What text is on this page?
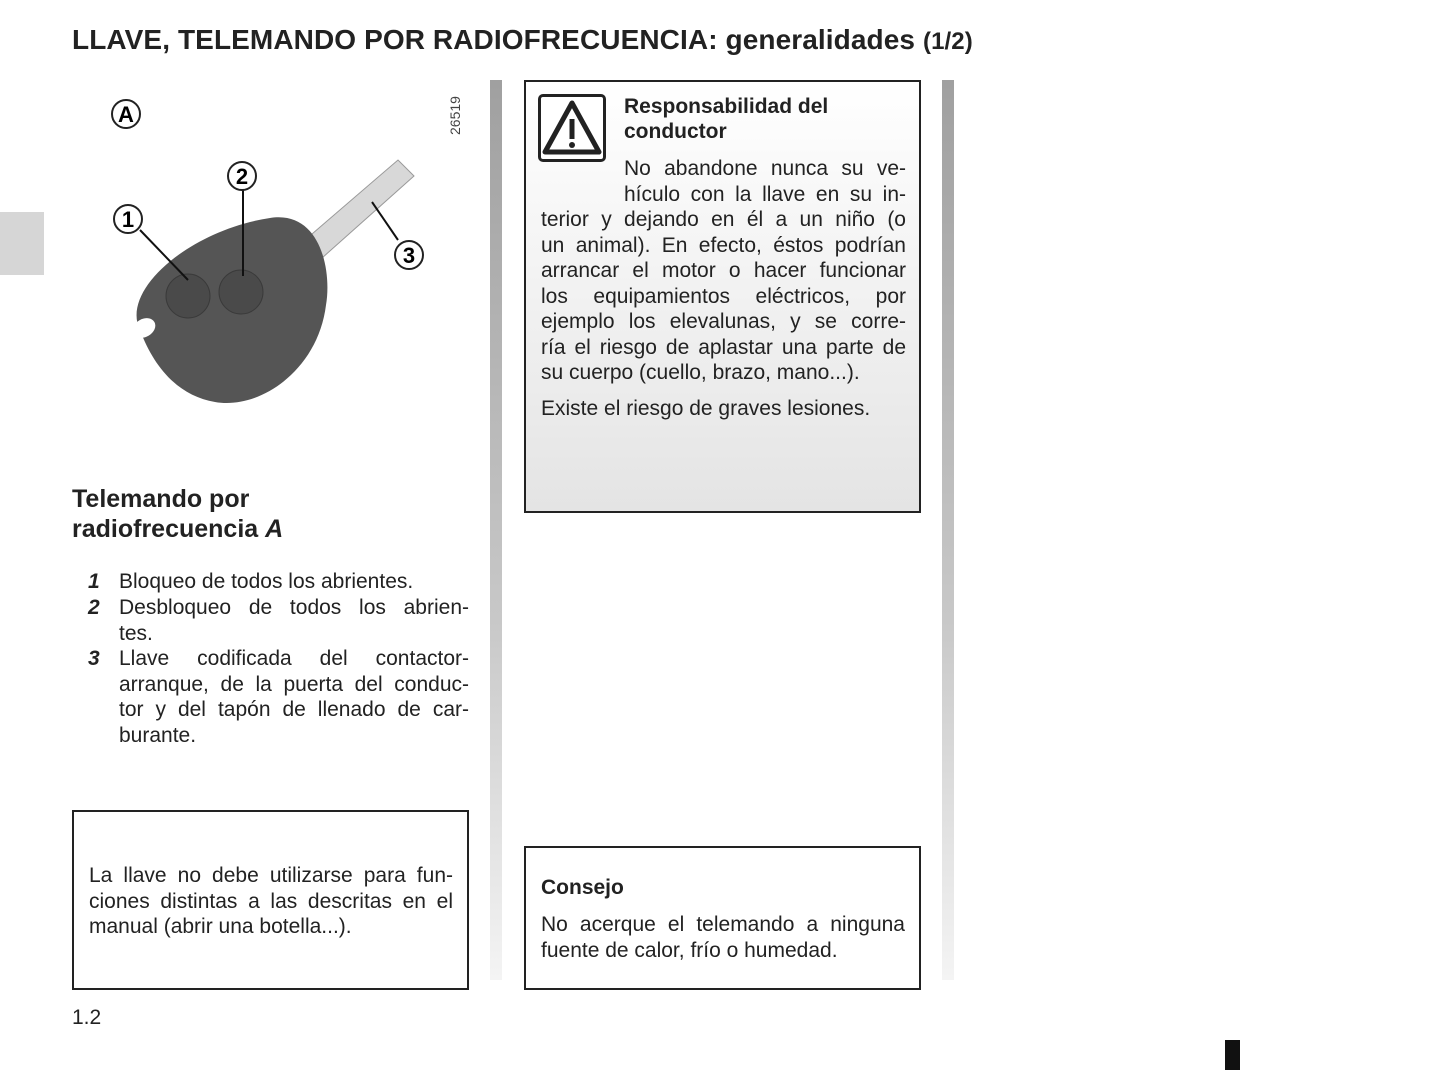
LLAVE, TELEMANDO POR RADIOFRECUENCIA: generalidades (1/2)
A	26519
1
2
3
Telemando por
radiofrecuencia A
1 Bloqueo de todos los abrientes.
2 Desbloqueo de todos los abrien-
tes.
3 Llave codificada del contactor-
arranque, de la puerta del conduc-
tor y del tapón de llenado de car-
burante.
La llave no debe utilizarse para fun-
ciones distintas a las descritas en el
manual (abrir una botella...).
Responsabilidad del
conductor
No abandone nunca su ve-
hículo con la llave en su in-
terior y dejando en él a un niño (o
un animal). En efecto, éstos podrían
arrancar el motor o hacer funcionar
los equipamientos eléctricos, por
ejemplo los elevalunas, y se corre-
ría el riesgo de aplastar una parte de
su cuerpo (cuello, brazo, mano...).
Existe el riesgo de graves lesiones.
Consejo
No acerque el telemando a ninguna
fuente de calor, frío o humedad.
1.2
